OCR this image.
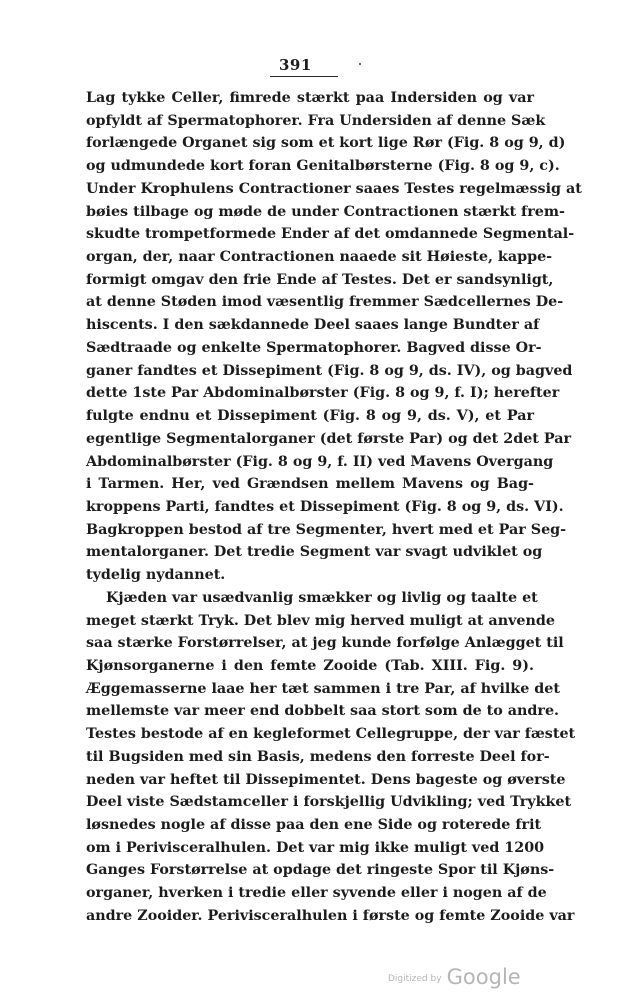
391
Lag tykke Celler, fimrede stærkt paa Indersiden og var
opfyldt af Spermatophorer. Fra Undersiden af denne Sæk
forlængede Organet sig som et kort lige Rør (Fig. 8 og 9, d)
og udmundede kort foran Genitalbørsterne (Fig. 8 og 9, c).
Under Krophulens Contractioner saaes Testes regelmæssig at
bøies tilbage og møde de under Contractionen stærkt frem-
skudte trompetformede Ender af det omdannede Segmental-
organ, der, naar Contractionen naaede sit Høieste, kappe-
formigt omgav den frie Ende af Testes. Det er sandsynligt,
at denne Støden imod væsentlig fremmer Sædcellernes De-
hiscents. I den sækdannede Deel saaes lange Bundter af
Sædtraade og enkelte Spermatophorer. Bagved disse Or-
ganer fandtes et Dissepiment (Fig. 8 og 9, ds. IV), og bagved
dette 1ste Par Abdominalbørster (Fig. 8 og 9, f. I); herefter
fulgte endnu et Dissepiment (Fig. 8 og 9, ds. V), et Par
egentlige Segmentalorganer (det første Par) og det 2det Par
Abdominalbørster (Fig. 8 og 9, f. II) ved Mavens Overgang
i Tarmen. Her, ved Grændsen mellem Mavens og Bag-
kroppens Parti, fandtes et Dissepiment (Fig. 8 og 9, ds. VI).
Bagkroppen bestod af tre Segmenter, hvert med et Par Seg-
mentalorganer. Det tredie Segment var svagt udviklet og
tydelig nydannet.
Kjæden var usædvanlig smækker og livlig og taalte et
meget stærkt Tryk. Det blev mig herved muligt at anvende
saa stærke Forstørrelser, at jeg kunde forfølge Anlægget til
Kjønsorganerne i den femte Zooide (Tab. XIII. Fig. 9).
Æggemasserne laae her tæt sammen i tre Par, af hvilke det
mellemste var meer end dobbelt saa stort som de to andre.
Testes bestode af en kegleformet Cellegruppe, der var fæstet
til Bugsiden med sin Basis, medens den forreste Deel for-
neden var heftet til Dissepimentet. Dens bageste og øverste
Deel viste Sædstamceller i forskjellig Udvikling; ved Trykket
løsnedes nogle af disse paa den ene Side og roterede frit
om i Perivisceralhulen. Det var mig ikke muligt ved 1200
Ganges Forstørrelse at opdage det ringeste Spor til Kjøns-
organer, hverken i tredie eller syvende eller i nogen af de
andre Zooider. Perivisceralhulen i første og femte Zooide var
Digitized by Google
